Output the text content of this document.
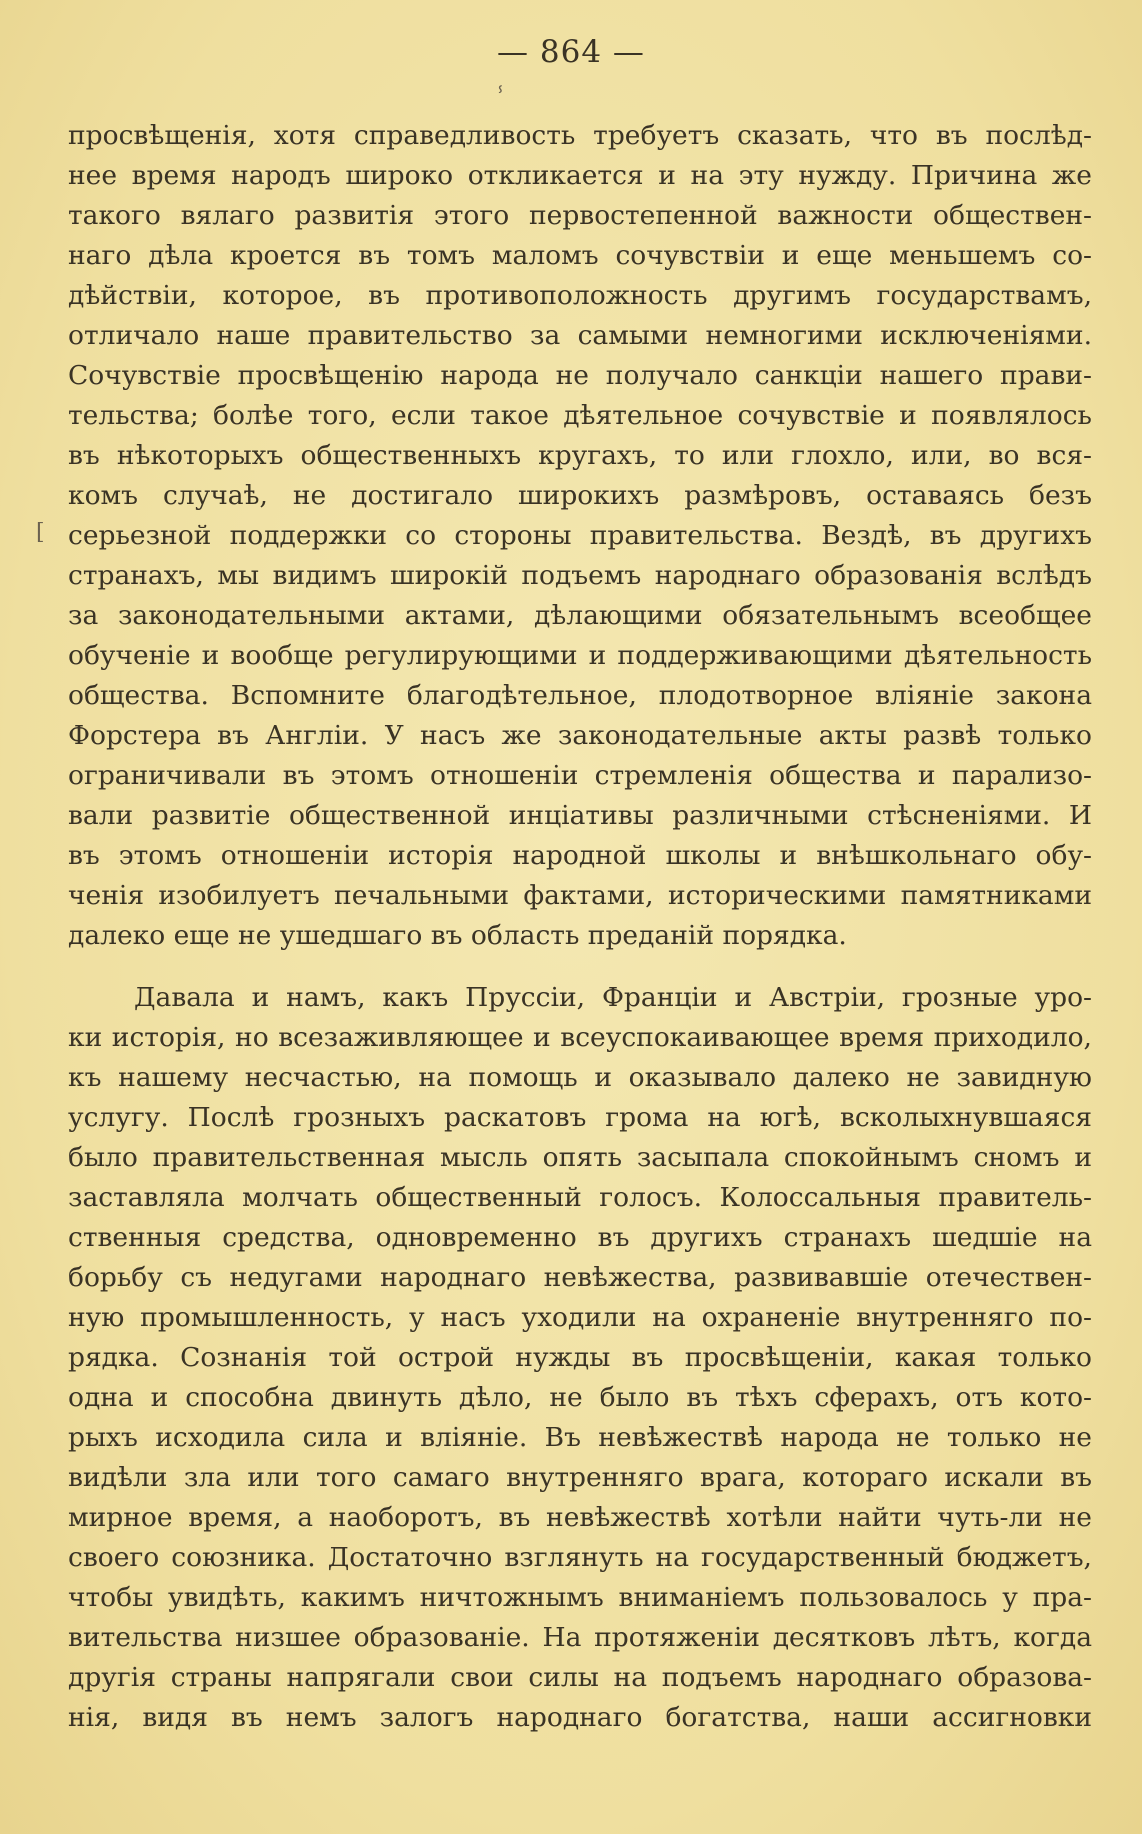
— 864 —
ⸯ
[
просвѣщенія, хотя справедливость требуетъ сказать, что въ послѣд-
нее время народъ широко откликается и на эту нужду. Причина же
такого вялаго развитія этого первостепенной важности обществен-
наго дѣла кроется въ томъ маломъ сочувствіи и еще меньшемъ со-
дѣйствіи, которое, въ противоположность другимъ государствамъ,
отличало наше правительство за самыми немногими исключеніями.
Сочувствіе просвѣщенію народа не получало санкціи нашего прави-
тельства; болѣе того, если такое дѣятельное сочувствіе и появлялось
въ нѣкоторыхъ общественныхъ кругахъ, то или глохло, или, во вся-
комъ случаѣ, не достигало широкихъ размѣровъ, оставаясь безъ
серьезной поддержки со стороны правительства. Вездѣ, въ другихъ
странахъ, мы видимъ широкій подъемъ народнаго образованія вслѣдъ
за законодательными актами, дѣлающими обязательнымъ всеобщее
обученіе и вообще регулирующими и поддерживающими дѣятельность
общества. Вспомните благодѣтельное, плодотворное вліяніе закона
Форстера въ Англіи. У насъ же законодательные акты развѣ только
ограничивали въ этомъ отношеніи стремленія общества и парализо-
вали развитіе общественной инціативы различными стѣсненіями. И
въ этомъ отношеніи исторія народной школы и внѣшкольнаго обу-
ченія изобилуетъ печальными фактами, историческими памятниками
далеко еще не ушедшаго въ область преданій порядка.
Давала и намъ, какъ Пруссіи, Франціи и Австріи, грозные уро-
ки исторія, но всезаживляющее и всеуспокаивающее время приходило,
къ нашему несчастью, на помощь и оказывало далеко не завидную
услугу. Послѣ грозныхъ раскатовъ грома на югѣ, всколыхнувшаяся
было правительственная мысль опять засыпала спокойнымъ сномъ и
заставляла молчать общественный голосъ. Колоссальныя правитель-
ственныя средства, одновременно въ другихъ странахъ шедшіе на
борьбу съ недугами народнаго невѣжества, развивавшіе отечествен-
ную промышленность, у насъ уходили на охраненіе внутренняго по-
рядка. Сознанія той острой нужды въ просвѣщеніи, какая только
одна и способна двинуть дѣло, не было въ тѣхъ сферахъ, отъ кото-
рыхъ исходила сила и вліяніе. Въ невѣжествѣ народа не только не
видѣли зла или того самаго внутренняго врага, котораго искали въ
мирное время, а наоборотъ, въ невѣжествѣ хотѣли найти чуть-ли не
своего союзника. Достаточно взглянуть на государственный бюджетъ,
чтобы увидѣть, какимъ ничтожнымъ вниманіемъ пользовалось у пра-
вительства низшее образованіе. На протяженіи десятковъ лѣтъ, когда
другія страны напрягали свои силы на подъемъ народнаго образова-
нія, видя въ немъ залогъ народнаго богатства, наши ассигновки
